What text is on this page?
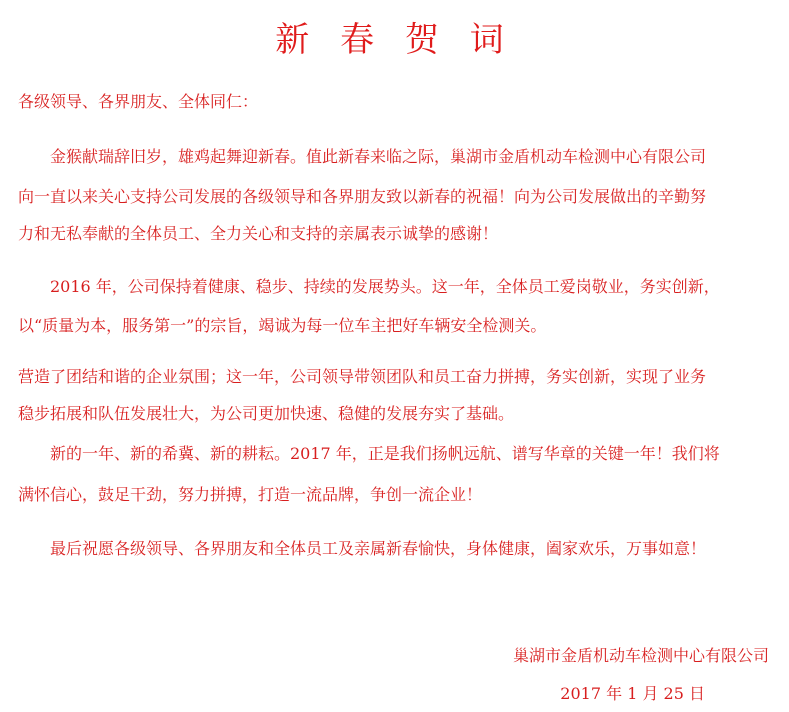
新 春 贺 词
各级领导、各界朋友、全体同仁：
金猴献瑞辞旧岁，雄鸡起舞迎新春。值此新春来临之际，巢湖市金盾机动车检测中心有限公司
向一直以来关心支持公司发展的各级领导和各界朋友致以新春的祝福！向为公司发展做出的辛勤努
力和无私奉献的全体员工、全力关心和支持的亲属表示诚挚的感谢！
2016 年，公司保持着健康、稳步、持续的发展势头。这一年，全体员工爱岗敬业，务实创新，
以“质量为本，服务第一”的宗旨，竭诚为每一位车主把好车辆安全检测关。
营造了团结和谐的企业氛围；这一年，公司领导带领团队和员工奋力拼搏，务实创新，实现了业务
稳步拓展和队伍发展壮大，为公司更加快速、稳健的发展夯实了基础。
新的一年、新的希冀、新的耕耘。2017 年，正是我们扬帆远航、谱写华章的关键一年！我们将
满怀信心，鼓足干劲，努力拼搏，打造一流品牌，争创一流企业！
最后祝愿各级领导、各界朋友和全体员工及亲属新春愉快，身体健康，阖家欢乐，万事如意！
巢湖市金盾机动车检测中心有限公司
2017 年 1 月 25 日
